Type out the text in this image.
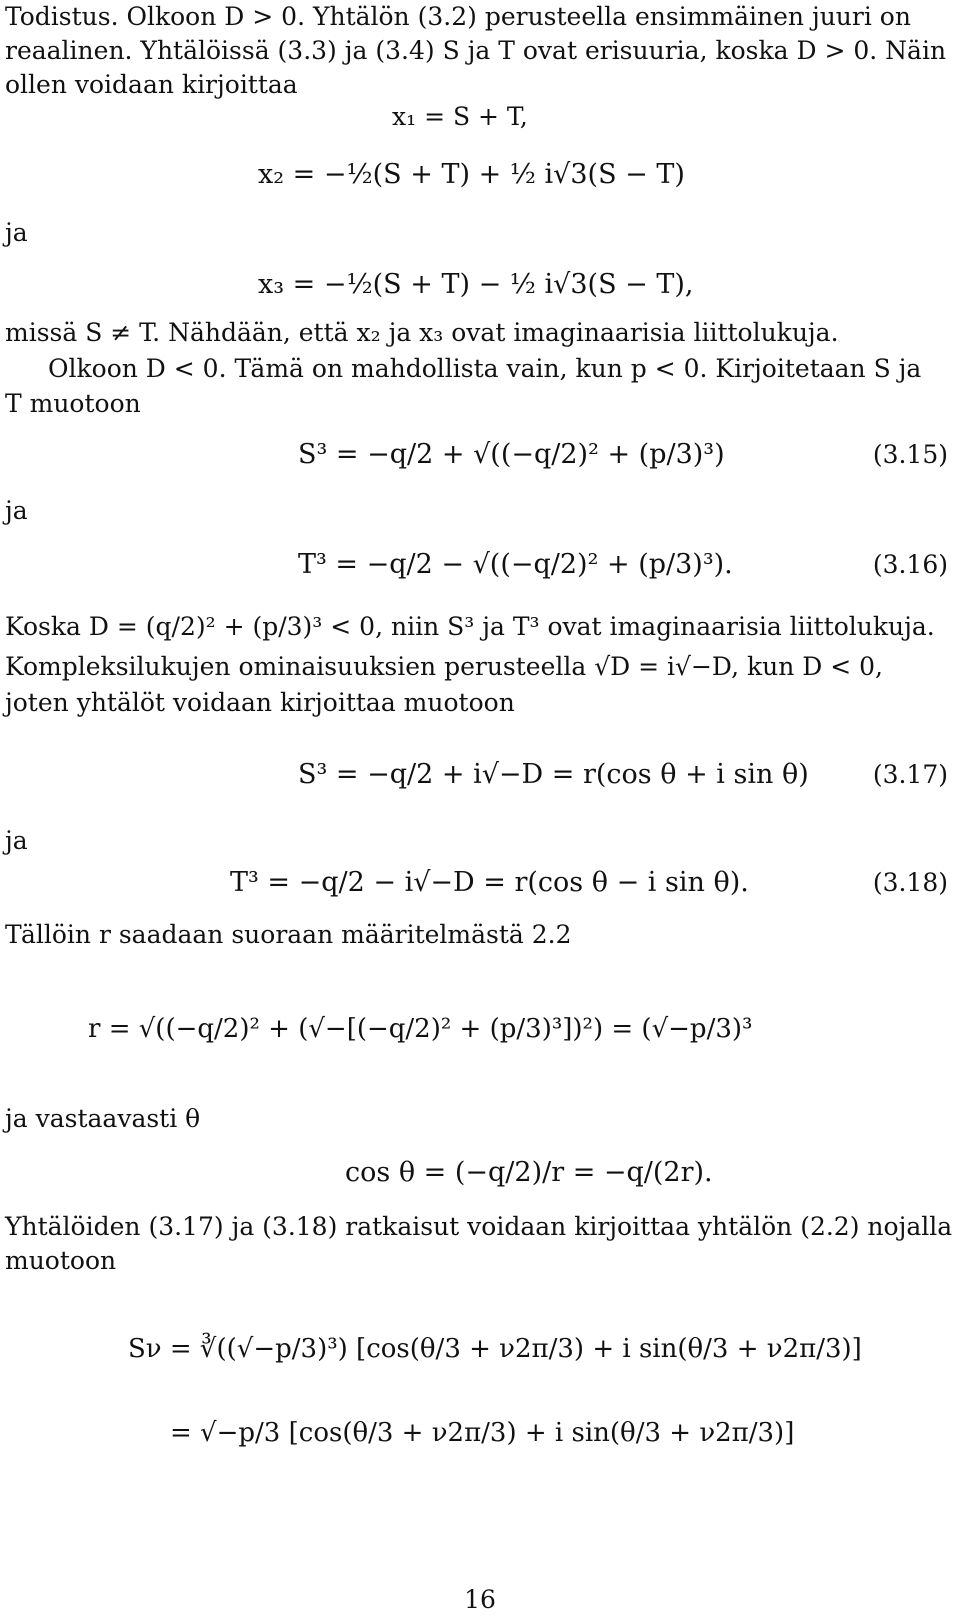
Todistus. Olkoon D > 0. Yhtälön (3.2) perusteella ensimmäinen juuri on
reaalinen. Yhtälöissä (3.3) ja (3.4) S ja T ovat erisuuria, koska D > 0. Näin
ollen voidaan kirjoittaa
x₁ = S + T,
x₂ = −½(S + T) + ½ i√3(S − T)
ja
x₃ = −½(S + T) − ½ i√3(S − T),
missä S ≠ T. Nähdään, että x₂ ja x₃ ovat imaginaarisia liittolukuja.
Olkoon D < 0. Tämä on mahdollista vain, kun p < 0. Kirjoitetaan S ja
T muotoon
S³ = −q/2 + √((−q/2)² + (p/3)³)	(3.15)
ja
T³ = −q/2 − √((−q/2)² + (p/3)³).	(3.16)
Koska D = (q/2)² + (p/3)³ < 0, niin S³ ja T³ ovat imaginaarisia liittolukuja.
Kompleksilukujen ominaisuuksien perusteella √D = i√−D, kun D < 0,
joten yhtälöt voidaan kirjoittaa muotoon
S³ = −q/2 + i√−D = r(cos θ + i sin θ)	(3.17)
ja
T³ = −q/2 − i√−D = r(cos θ − i sin θ).	(3.18)
Tällöin r saadaan suoraan määritelmästä 2.2
r = √((−q/2)² + (√−[(−q/2)² + (p/3)³])²) = (√−p/3)³
ja vastaavasti θ
cos θ = (−q/2)/r = −q/(2r).
Yhtälöiden (3.17) ja (3.18) ratkaisut voidaan kirjoittaa yhtälön (2.2) nojalla
muotoon
Sν = ∛((√−p/3)³) [cos(θ/3 + ν2π/3) + i sin(θ/3 + ν2π/3)]
= √−p/3 [cos(θ/3 + ν2π/3) + i sin(θ/3 + ν2π/3)]
16
